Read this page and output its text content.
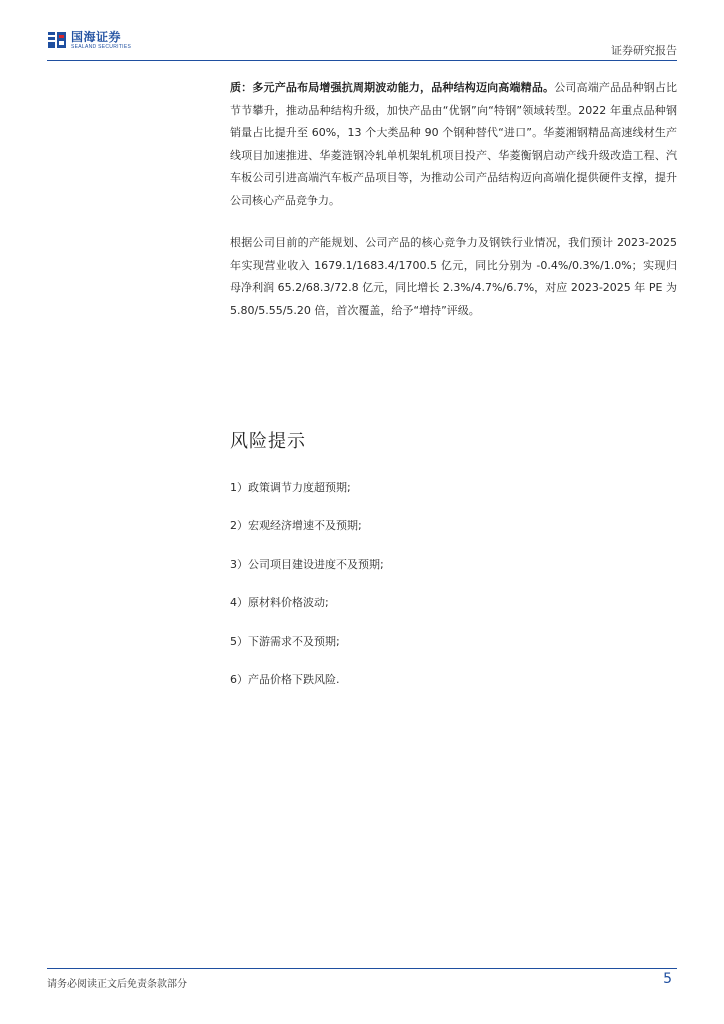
国海证券
SEALAND SECURITIES	证券研究报告
质：多元产品布局增强抗周期波动能力，品种结构迈向高端精品。公司高端产品品种钢占比节节攀升，推动品种结构升级，加快产品由“优钢”向“特钢”领域转型。2022 年重点品种钢销量占比提升至 60%，13 个大类品种 90 个钢种替代“进口”。华菱湘钢精品高速线材生产线项目加速推进、华菱涟钢冷轧单机架轧机项目投产、华菱衡钢启动产线升级改造工程、汽车板公司引进高端汽车板产品项目等，为推动公司产品结构迈向高端化提供硬件支撑，提升公司核心产品竞争力。
根据公司目前的产能规划、公司产品的核心竞争力及钢铁行业情况，我们预计 2023-2025 年实现营业收入 1679.1/1683.4/1700.5 亿元，同比分别为 -0.4%/0.3%/1.0%；实现归母净利润 65.2/68.3/72.8 亿元，同比增长 2.3%/4.7%/6.7%，对应 2023-2025 年 PE 为 5.80/5.55/5.20 倍，首次覆盖，给予“增持”评级。
风险提示
1）政策调节力度超预期;
2）宏观经济增速不及预期;
3）公司项目建设进度不及预期;
4）原材料价格波动;
5）下游需求不及预期;
6）产品价格下跌风险.
请务必阅读正文后免责条款部分	5
